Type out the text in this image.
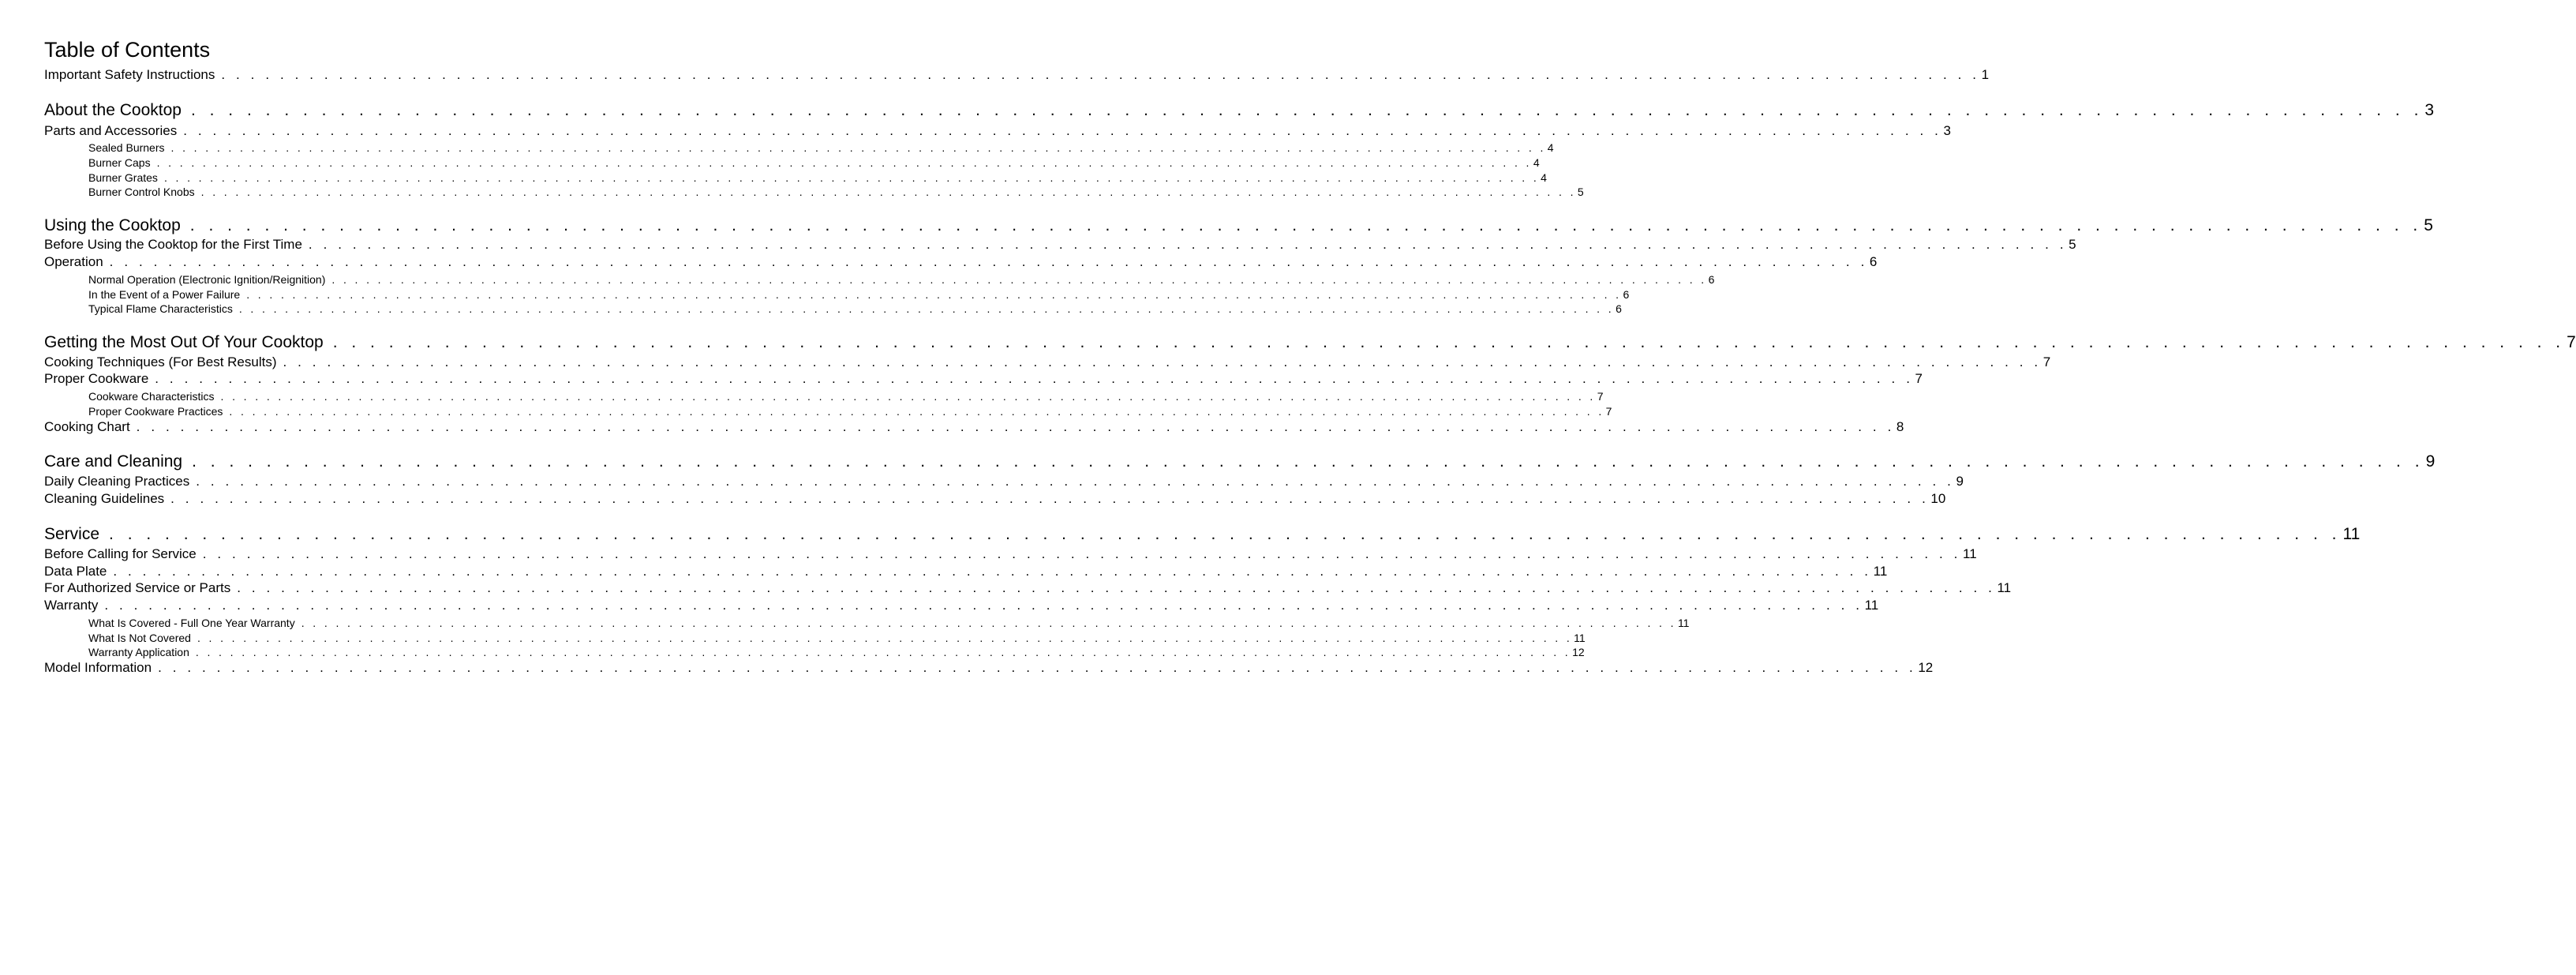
Table of Contents
Important Safety Instructions . . . . . . . . . . . . . . . . . . . . . . . . . . . . . . . . . . . . . . . . . . . . . . . . . . . . . . . . . . . . . . . . . . . . . . . . . . . . . . . . . . . . . . . . . . . . . . . . . . . . . . . . . . . . . . . . . . . . . . . . 1
About the Cooktop . . . . . . . . . . . . . . . . . . . . . . . . . . . . . . . . . . . . . . . . . . . . . . . . . . . . . . . . . . . . . . . . . . . . . . . . . . . . . . . . . . . . . . . . . . . . . . . . . . . . . . . . . . . . . . . . . . . . . . . . 3
Parts and Accessories . . . . . . . . . . . . . . . . . . . . . . . . . . . . . . . . . . . . . . . . . . . . . . . . . . . . . . . . . . . . . . . . . . . . . . . . . . . . . . . . . . . . . . . . . . . . . . . . . . . . . . . . . . . . . . . . . . . . . . . . 3
Sealed Burners . . . . . . . . . . . . . . . . . . . . . . . . . . . . . . . . . . . . . . . . . . . . . . . . . . . . . . . . . . . . . . . . . . . . . . . . . . . . . . . . . . . . . . . . . . . . . . . . . . . . . . . . . . . . . . . . . . . . . . . . 4
Burner Caps . . . . . . . . . . . . . . . . . . . . . . . . . . . . . . . . . . . . . . . . . . . . . . . . . . . . . . . . . . . . . . . . . . . . . . . . . . . . . . . . . . . . . . . . . . . . . . . . . . . . . . . . . . . . . . . . . . . . . . . . 4
Burner Grates . . . . . . . . . . . . . . . . . . . . . . . . . . . . . . . . . . . . . . . . . . . . . . . . . . . . . . . . . . . . . . . . . . . . . . . . . . . . . . . . . . . . . . . . . . . . . . . . . . . . . . . . . . . . . . . . . . . . . . . . 4
Burner Control Knobs . . . . . . . . . . . . . . . . . . . . . . . . . . . . . . . . . . . . . . . . . . . . . . . . . . . . . . . . . . . . . . . . . . . . . . . . . . . . . . . . . . . . . . . . . . . . . . . . . . . . . . . . . . . . . . . . . . . . . . . . 5
Using the Cooktop . . . . . . . . . . . . . . . . . . . . . . . . . . . . . . . . . . . . . . . . . . . . . . . . . . . . . . . . . . . . . . . . . . . . . . . . . . . . . . . . . . . . . . . . . . . . . . . . . . . . . . . . . . . . . . . . . . . . . . . . 5
Before Using the Cooktop for the First Time . . . . . . . . . . . . . . . . . . . . . . . . . . . . . . . . . . . . . . . . . . . . . . . . . . . . . . . . . . . . . . . . . . . . . . . . . . . . . . . . . . . . . . . . . . . . . . . . . . . . . . . . . . . . . . . . . . . . . . . . 5
Operation . . . . . . . . . . . . . . . . . . . . . . . . . . . . . . . . . . . . . . . . . . . . . . . . . . . . . . . . . . . . . . . . . . . . . . . . . . . . . . . . . . . . . . . . . . . . . . . . . . . . . . . . . . . . . . . . . . . . . . . . 6
Normal Operation (Electronic Ignition/Reignition) . . . . . . . . . . . . . . . . . . . . . . . . . . . . . . . . . . . . . . . . . . . . . . . . . . . . . . . . . . . . . . . . . . . . . . . . . . . . . . . . . . . . . . . . . . . . . . . . . . . . . . . . . . . . . . . . . . . . . . . . 6
In the Event of a Power Failure . . . . . . . . . . . . . . . . . . . . . . . . . . . . . . . . . . . . . . . . . . . . . . . . . . . . . . . . . . . . . . . . . . . . . . . . . . . . . . . . . . . . . . . . . . . . . . . . . . . . . . . . . . . . . . . . . . . . . . . . 6
Typical Flame Characteristics . . . . . . . . . . . . . . . . . . . . . . . . . . . . . . . . . . . . . . . . . . . . . . . . . . . . . . . . . . . . . . . . . . . . . . . . . . . . . . . . . . . . . . . . . . . . . . . . . . . . . . . . . . . . . . . . . . . . . . . . 6
Getting the Most Out Of Your Cooktop . . . . . . . . . . . . . . . . . . . . . . . . . . . . . . . . . . . . . . . . . . . . . . . . . . . . . . . . . . . . . . . . . . . . . . . . . . . . . . . . . . . . . . . . . . . . . . . . . . . . . . . . . . . . . . . . . . . . . . . . 7
Cooking Techniques (For Best Results) . . . . . . . . . . . . . . . . . . . . . . . . . . . . . . . . . . . . . . . . . . . . . . . . . . . . . . . . . . . . . . . . . . . . . . . . . . . . . . . . . . . . . . . . . . . . . . . . . . . . . . . . . . . . . . . . . . . . . . . . 7
Proper Cookware . . . . . . . . . . . . . . . . . . . . . . . . . . . . . . . . . . . . . . . . . . . . . . . . . . . . . . . . . . . . . . . . . . . . . . . . . . . . . . . . . . . . . . . . . . . . . . . . . . . . . . . . . . . . . . . . . . . . . . . . 7
Cookware Characteristics . . . . . . . . . . . . . . . . . . . . . . . . . . . . . . . . . . . . . . . . . . . . . . . . . . . . . . . . . . . . . . . . . . . . . . . . . . . . . . . . . . . . . . . . . . . . . . . . . . . . . . . . . . . . . . . . . . . . . . . . 7
Proper Cookware Practices . . . . . . . . . . . . . . . . . . . . . . . . . . . . . . . . . . . . . . . . . . . . . . . . . . . . . . . . . . . . . . . . . . . . . . . . . . . . . . . . . . . . . . . . . . . . . . . . . . . . . . . . . . . . . . . . . . . . . . . . 7
Cooking Chart . . . . . . . . . . . . . . . . . . . . . . . . . . . . . . . . . . . . . . . . . . . . . . . . . . . . . . . . . . . . . . . . . . . . . . . . . . . . . . . . . . . . . . . . . . . . . . . . . . . . . . . . . . . . . . . . . . . . . . . . 8
Care and Cleaning . . . . . . . . . . . . . . . . . . . . . . . . . . . . . . . . . . . . . . . . . . . . . . . . . . . . . . . . . . . . . . . . . . . . . . . . . . . . . . . . . . . . . . . . . . . . . . . . . . . . . . . . . . . . . . . . . . . . . . . . 9
Daily Cleaning Practices . . . . . . . . . . . . . . . . . . . . . . . . . . . . . . . . . . . . . . . . . . . . . . . . . . . . . . . . . . . . . . . . . . . . . . . . . . . . . . . . . . . . . . . . . . . . . . . . . . . . . . . . . . . . . . . . . . . . . . . . 9
Cleaning Guidelines . . . . . . . . . . . . . . . . . . . . . . . . . . . . . . . . . . . . . . . . . . . . . . . . . . . . . . . . . . . . . . . . . . . . . . . . . . . . . . . . . . . . . . . . . . . . . . . . . . . . . . . . . . . . . . . . . . . . . . . . 10
Service . . . . . . . . . . . . . . . . . . . . . . . . . . . . . . . . . . . . . . . . . . . . . . . . . . . . . . . . . . . . . . . . . . . . . . . . . . . . . . . . . . . . . . . . . . . . . . . . . . . . . . . . . . . . . . . . . . . . . . . . 11
Before Calling for Service . . . . . . . . . . . . . . . . . . . . . . . . . . . . . . . . . . . . . . . . . . . . . . . . . . . . . . . . . . . . . . . . . . . . . . . . . . . . . . . . . . . . . . . . . . . . . . . . . . . . . . . . . . . . . . . . . . . . . . . . 11
Data Plate . . . . . . . . . . . . . . . . . . . . . . . . . . . . . . . . . . . . . . . . . . . . . . . . . . . . . . . . . . . . . . . . . . . . . . . . . . . . . . . . . . . . . . . . . . . . . . . . . . . . . . . . . . . . . . . . . . . . . . . . 11
For Authorized Service or Parts . . . . . . . . . . . . . . . . . . . . . . . . . . . . . . . . . . . . . . . . . . . . . . . . . . . . . . . . . . . . . . . . . . . . . . . . . . . . . . . . . . . . . . . . . . . . . . . . . . . . . . . . . . . . . . . . . . . . . . . . 11
Warranty . . . . . . . . . . . . . . . . . . . . . . . . . . . . . . . . . . . . . . . . . . . . . . . . . . . . . . . . . . . . . . . . . . . . . . . . . . . . . . . . . . . . . . . . . . . . . . . . . . . . . . . . . . . . . . . . . . . . . . . . 11
What Is Covered - Full One Year Warranty . . . . . . . . . . . . . . . . . . . . . . . . . . . . . . . . . . . . . . . . . . . . . . . . . . . . . . . . . . . . . . . . . . . . . . . . . . . . . . . . . . . . . . . . . . . . . . . . . . . . . . . . . . . . . . . . . . . . . . . . 11
What Is Not Covered . . . . . . . . . . . . . . . . . . . . . . . . . . . . . . . . . . . . . . . . . . . . . . . . . . . . . . . . . . . . . . . . . . . . . . . . . . . . . . . . . . . . . . . . . . . . . . . . . . . . . . . . . . . . . . . . . . . . . . . . 11
Warranty Application . . . . . . . . . . . . . . . . . . . . . . . . . . . . . . . . . . . . . . . . . . . . . . . . . . . . . . . . . . . . . . . . . . . . . . . . . . . . . . . . . . . . . . . . . . . . . . . . . . . . . . . . . . . . . . . . . . . . . . . . 12
Model Information . . . . . . . . . . . . . . . . . . . . . . . . . . . . . . . . . . . . . . . . . . . . . . . . . . . . . . . . . . . . . . . . . . . . . . . . . . . . . . . . . . . . . . . . . . . . . . . . . . . . . . . . . . . . . . . . . . . . . . . . 12
